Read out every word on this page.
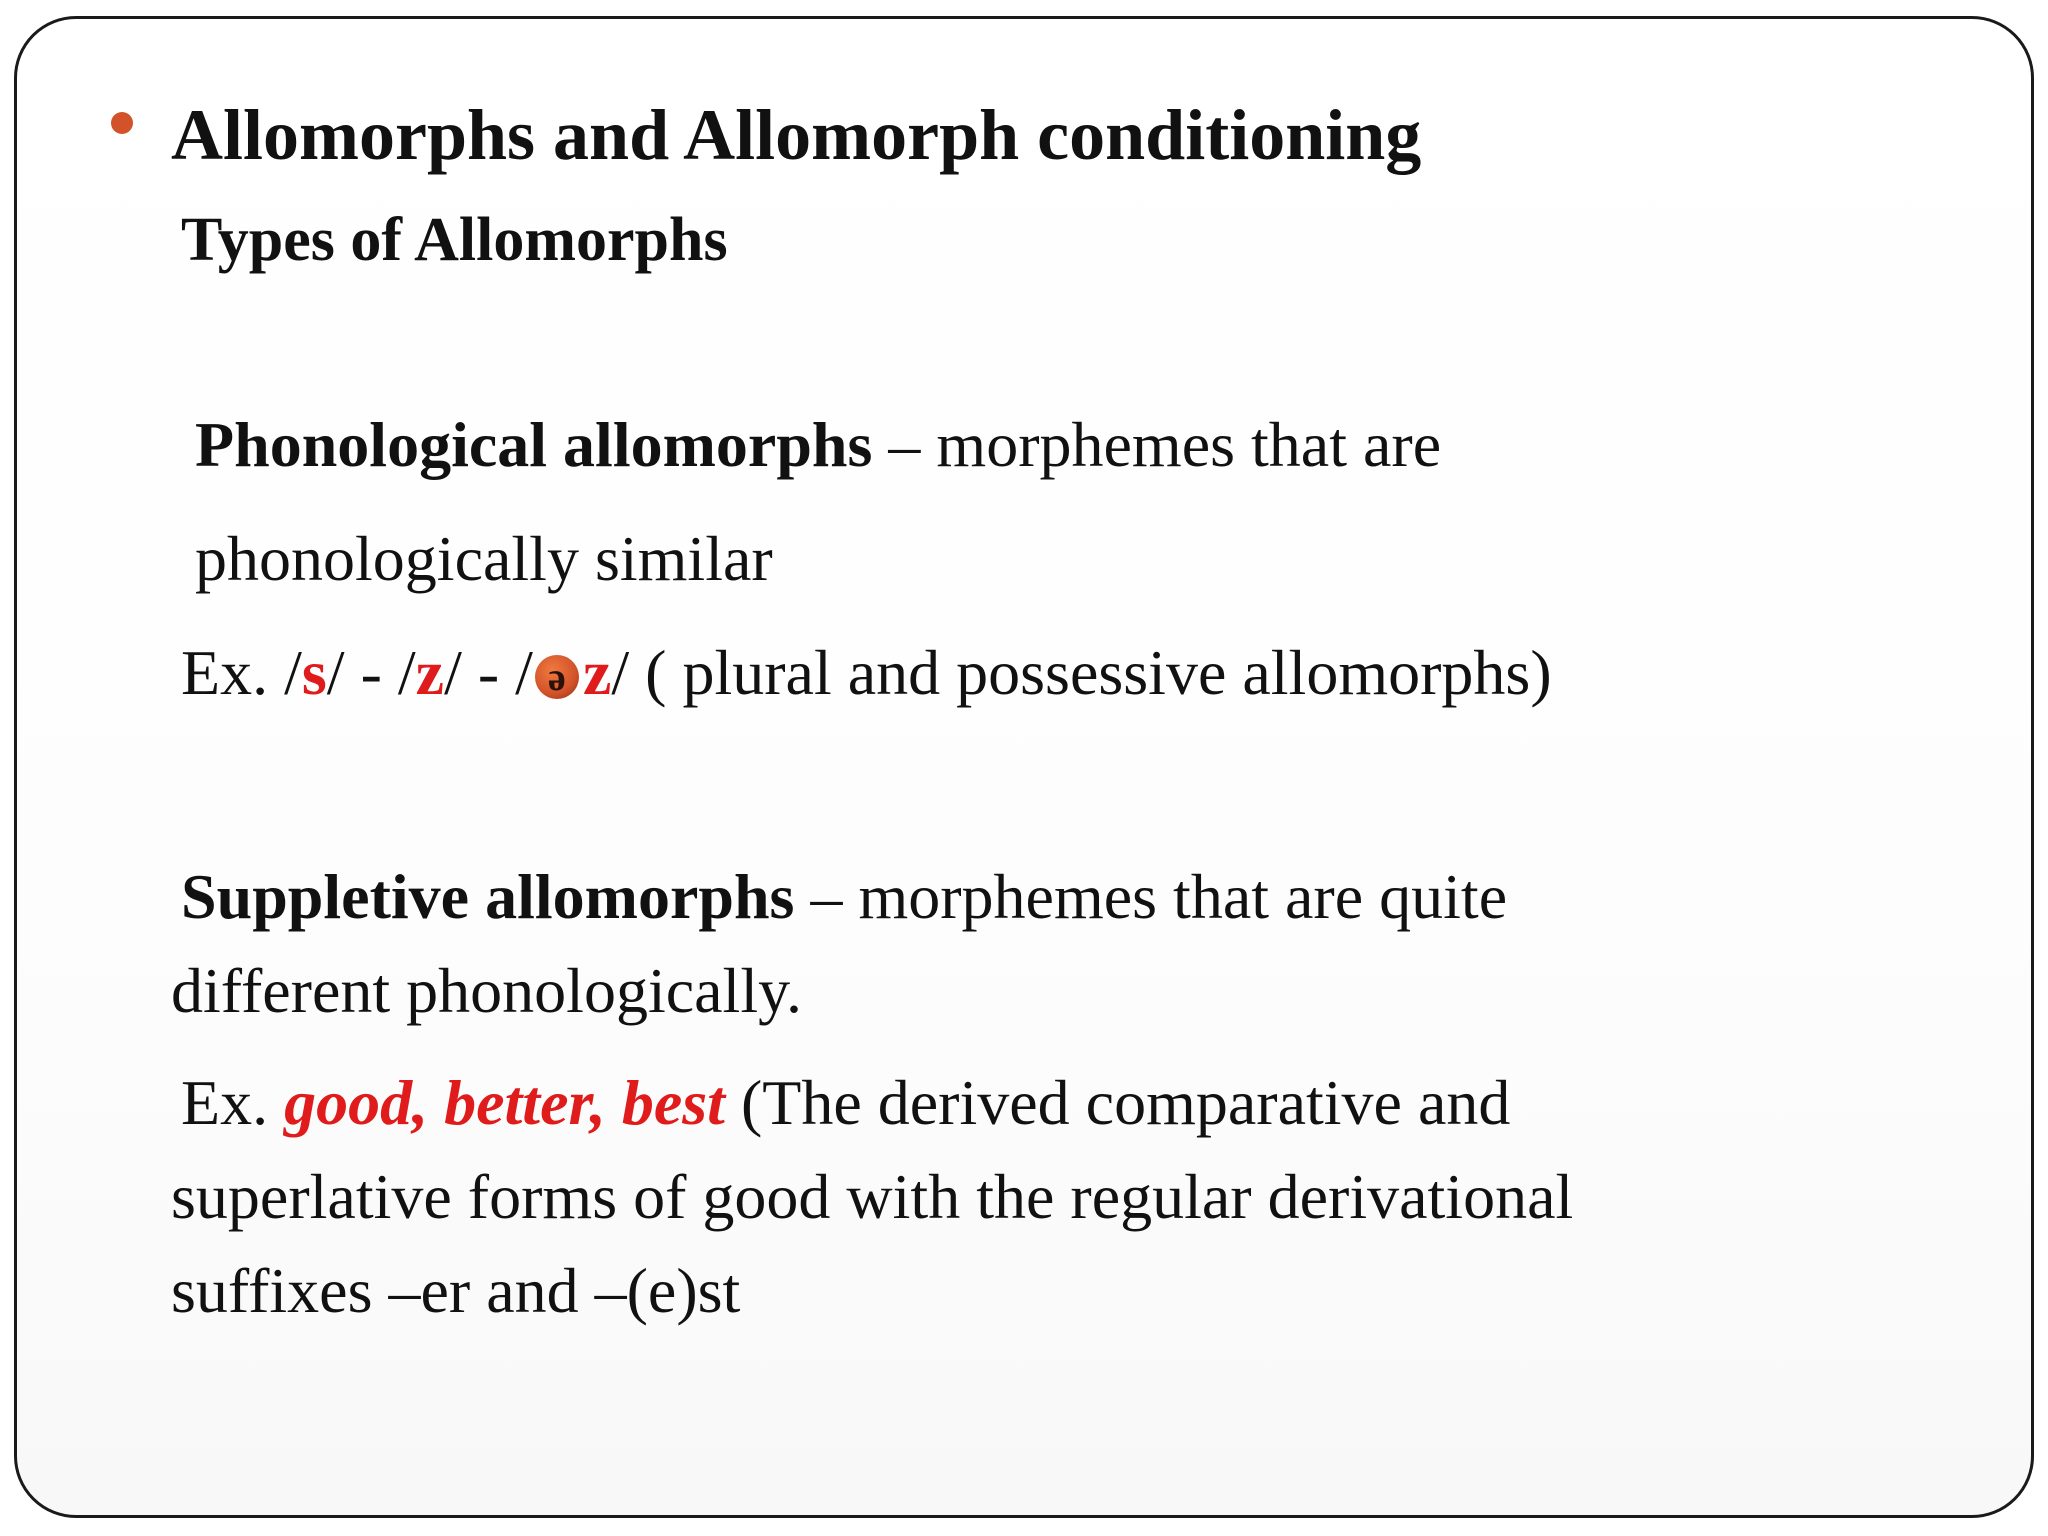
Allomorphs and Allomorph conditioning
Types of Allomorphs
Phonological allomorphs – morphemes that are
phonologically similar
Ex. /s/ - /z/ - / ə z/ ( plural and possessive allomorphs)
Suppletive allomorphs – morphemes that are quite
different phonologically.
Ex. good, better, best (The derived comparative and
superlative forms of good with the regular derivational
suffixes –er and –(e)st
